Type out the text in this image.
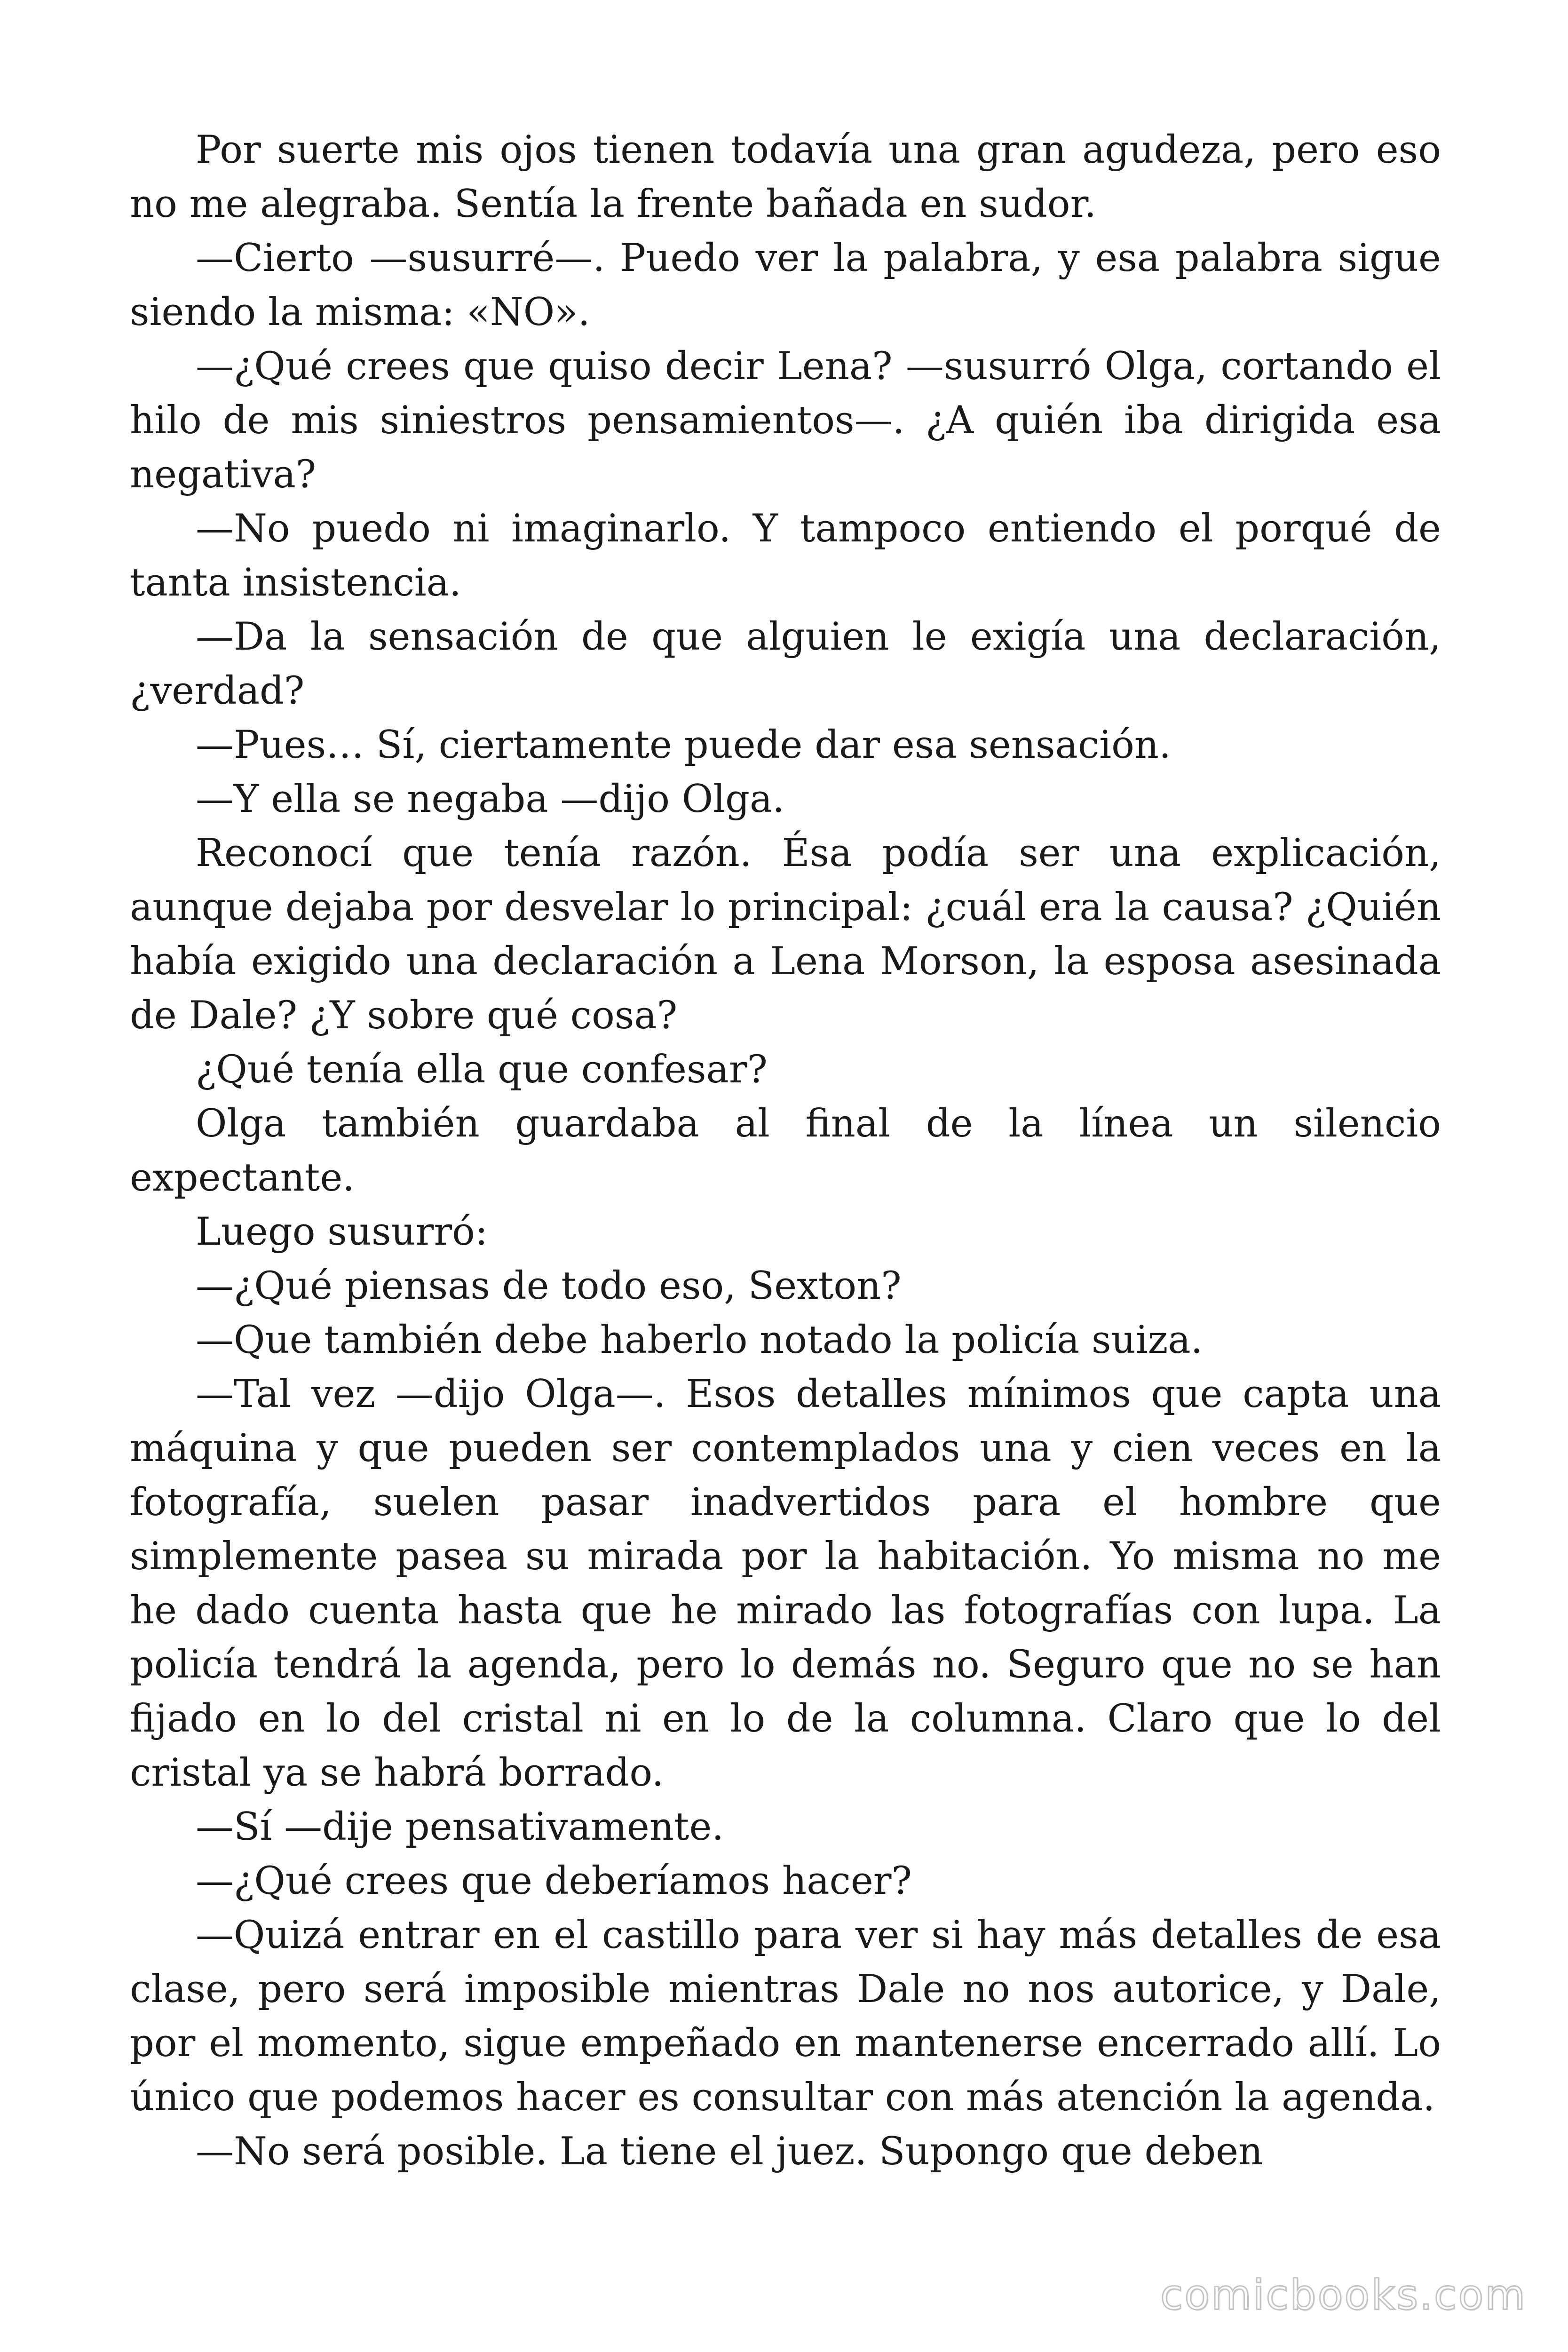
Por suerte mis ojos tienen todavía una gran agudeza, pero eso no me alegraba. Sentía la frente bañada en sudor.

—Cierto —susurré—. Puedo ver la palabra, y esa palabra sigue siendo la misma: «NO».

—¿Qué crees que quiso decir Lena? —susurró Olga, cortando el hilo de mis siniestros pensamientos—. ¿A quién iba dirigida esa negativa?

—No puedo ni imaginarlo. Y tampoco entiendo el porqué de tanta insistencia.

—Da la sensación de que alguien le exigía una declaración, ¿verdad?

—Pues… Sí, ciertamente puede dar esa sensación.

—Y ella se negaba —dijo Olga.

Reconocí que tenía razón. Ésa podía ser una explicación, aunque dejaba por desvelar lo principal: ¿cuál era la causa? ¿Quién había exigido una declaración a Lena Morson, la esposa asesinada de Dale? ¿Y sobre qué cosa?

¿Qué tenía ella que confesar?

Olga también guardaba al final de la línea un silencio expectante.

Luego susurró:

—¿Qué piensas de todo eso, Sexton?

—Que también debe haberlo notado la policía suiza.

—Tal vez —dijo Olga—. Esos detalles mínimos que capta una máquina y que pueden ser contemplados una y cien veces en la fotografía, suelen pasar inadvertidos para el hombre que simplemente pasea su mirada por la habitación. Yo misma no me he dado cuenta hasta que he mirado las fotografías con lupa. La policía tendrá la agenda, pero lo demás no. Seguro que no se han fijado en lo del cristal ni en lo de la columna. Claro que lo del cristal ya se habrá borrado.

—Sí —dije pensativamente.

—¿Qué crees que deberíamos hacer?

—Quizá entrar en el castillo para ver si hay más detalles de esa clase, pero será imposible mientras Dale no nos autorice, y Dale, por el momento, sigue empeñado en mantenerse encerrado allí. Lo único que podemos hacer es consultar con más atención la agenda.

—No será posible. La tiene el juez. Supongo que deben

comicbooks.com
